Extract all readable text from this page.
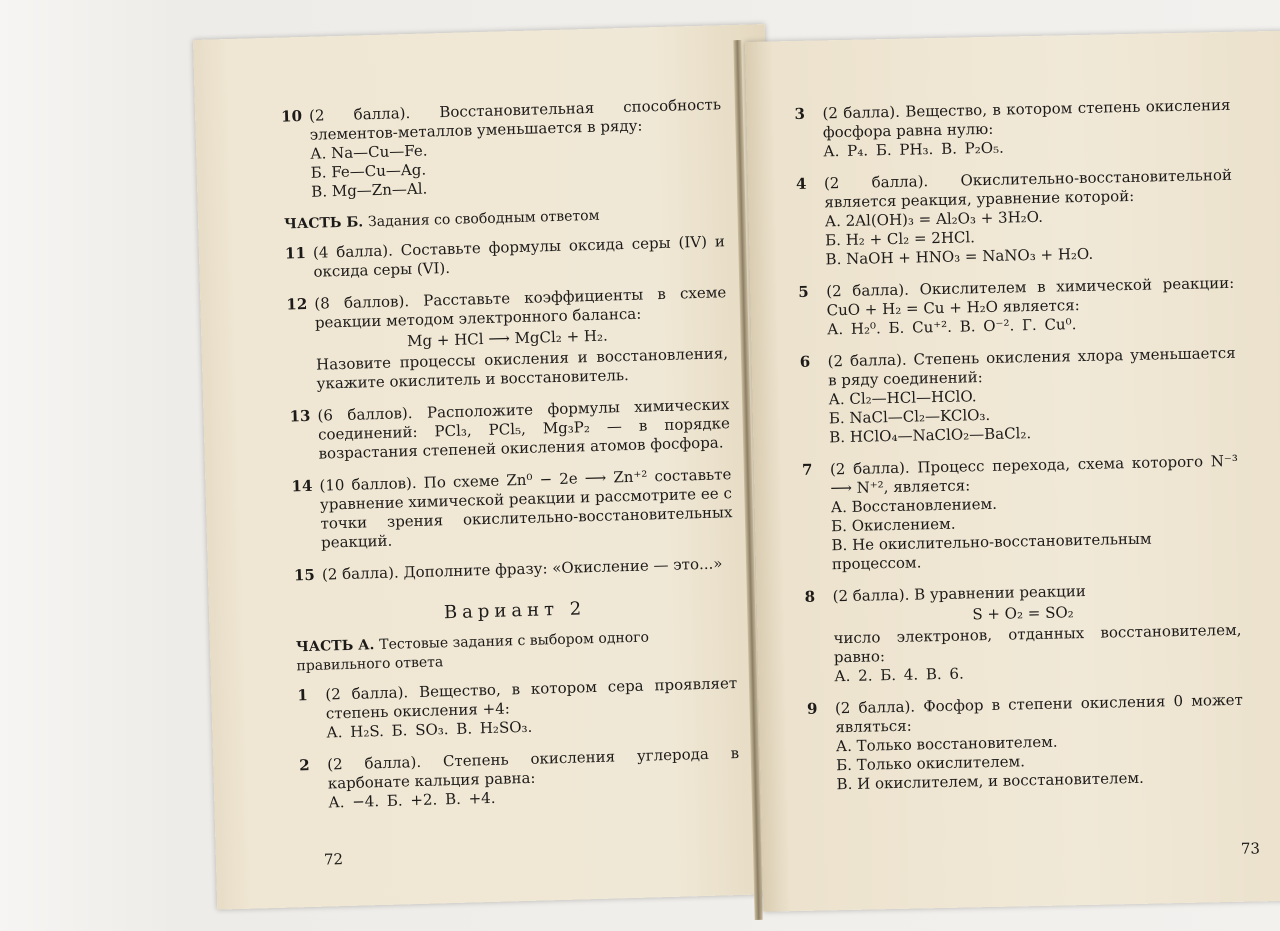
10 (2 балла). Восстановительная способность элементов-металлов уменьшается в ряду:
А. Na—Cu—Fe.
Б. Fe—Cu—Ag.
В. Mg—Zn—Al.
ЧАСТЬ Б. Задания со свободным ответом
11 (4 балла). Составьте формулы оксида серы (IV) и оксида серы (VI).
12 (8 баллов). Расставьте коэффициенты в схеме реакции методом электронного баланса:
Mg + HCl ⟶ MgCl₂ + H₂.
Назовите процессы окисления и восстановления, укажите окислитель и восстановитель.
13 (6 баллов). Расположите формулы химических соединений: PCl₃, PCl₅, Mg₃P₂ — в порядке возрастания степеней окисления атомов фосфора.
14 (10 баллов). По схеме Zn⁰ − 2e ⟶ Zn⁺² составьте уравнение химической реакции и рассмотрите ее с точки зрения окислительно-восстановительных реакций.
15 (2 балла). Дополните фразу: «Окисление — это...»
Вариант 2
ЧАСТЬ А. Тестовые задания с выбором одного правильного ответа
1	(2 балла). Вещество, в котором сера проявляет степень окисления +4:
А. H₂S. Б. SO₃. В. H₂SO₃.
2	(2 балла). Степень окисления углерода в карбонате кальция равна:
А. −4. Б. +2. В. +4.
72
3	(2 балла). Вещество, в котором степень окисления фосфора равна нулю:
А. P₄. Б. PH₃. В. P₂O₅.
4	(2 балла). Окислительно-восстановительной является реакция, уравнение которой:
А. 2Al(OH)₃ = Al₂O₃ + 3H₂O.
Б. H₂ + Cl₂ = 2HCl.
В. NaOH + HNO₃ = NaNO₃ + H₂O.
5	(2 балла). Окислителем в химической реакции: CuO + H₂ = Cu + H₂O является:
А. H₂⁰. Б. Cu⁺². В. O⁻². Г. Cu⁰.
6	(2 балла). Степень окисления хлора уменьшается в ряду соединений:
А. Cl₂—HCl—HClO.
Б. NaCl—Cl₂—KClO₃.
В. HClO₄—NaClO₂—BaCl₂.
7	(2 балла). Процесс перехода, схема которого N⁻³ ⟶ N⁺², является:
А. Восстановлением.
Б. Окислением.
В. Не окислительно-восстановительным процессом.
8	(2 балла). В уравнении реакции
S + O₂ = SO₂
число электронов, отданных восстановителем, равно:
А. 2. Б. 4. В. 6.
9	(2 балла). Фосфор в степени окисления 0 может являться:
А. Только восстановителем.
Б. Только окислителем.
В. И окислителем, и восстановителем.
73
